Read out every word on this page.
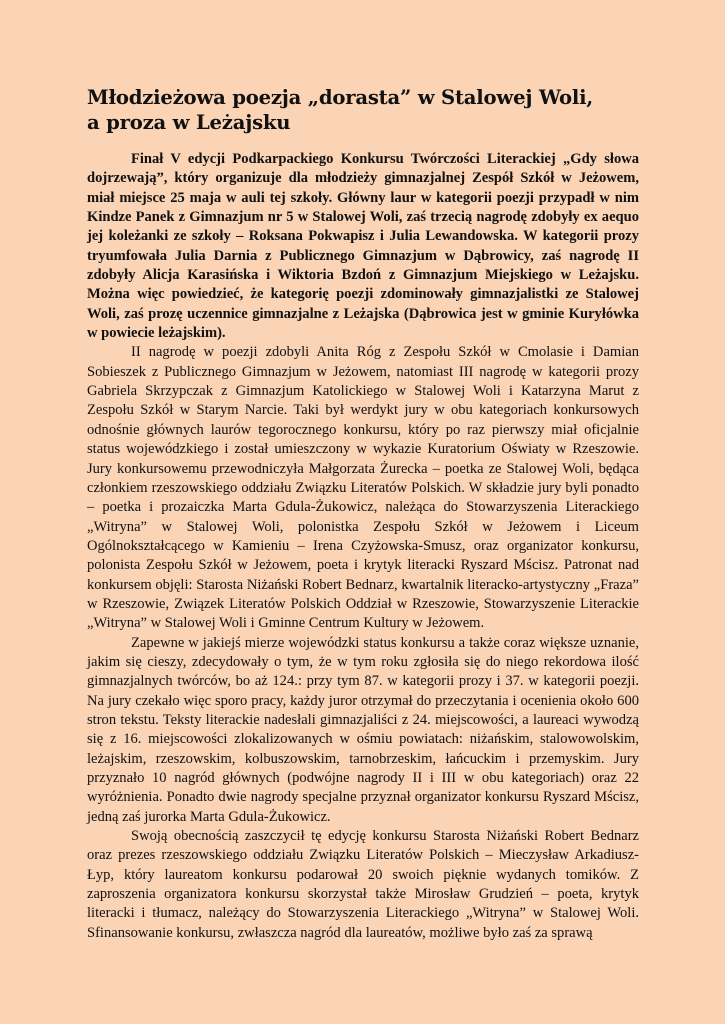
Młodzieżowa poezja „dorasta” w Stalowej Woli,
a proza w Leżajsku

Finał V edycji Podkarpackiego Konkursu Twórczości Literackiej „Gdy słowa dojrzewają”, który organizuje dla młodzieży gimnazjalnej Zespół Szkół w Jeżowem, miał miejsce 25 maja w auli tej szkoły. Główny laur w kategorii poezji przypadł w nim Kindze Panek z Gimnazjum nr 5 w Stalowej Woli, zaś trzecią nagrodę zdobyły ex aequo jej koleżanki ze szkoły – Roksana Pokwapisz i Julia Lewandowska. W kategorii prozy tryumfowała Julia Darnia z Publicznego Gimnazjum w Dąbrowicy, zaś nagrodę II zdobyły Alicja Karasińska i Wiktoria Bzdoń z Gimnazjum Miejskiego w Leżajsku. Można więc powiedzieć, że kategorię poezji zdominowały gimnazjalistki ze Stalowej Woli, zaś prozę uczennice gimnazjalne z Leżajska (Dąbrowica jest w gminie Kuryłówka w powiecie leżajskim).

II nagrodę w poezji zdobyli Anita Róg z Zespołu Szkół w Cmolasie i Damian Sobieszek z Publicznego Gimnazjum w Jeżowem, natomiast III nagrodę w kategorii prozy Gabriela Skrzypczak z Gimnazjum Katolickiego w Stalowej Woli i Katarzyna Marut z Zespołu Szkół w Starym Narcie. Taki był werdykt jury w obu kategoriach konkursowych odnośnie głównych laurów tegorocznego konkursu, który po raz pierwszy miał oficjalnie status wojewódzkiego i został umieszczony w wykazie Kuratorium Oświaty w Rzeszowie. Jury konkursowemu przewodniczyła Małgorzata Żurecka – poetka ze Stalowej Woli, będąca członkiem rzeszowskiego oddziału Związku Literatów Polskich. W składzie jury byli ponadto – poetka i prozaiczka Marta Gdula-Żukowicz, należąca do Stowarzyszenia Literackiego „Witryna” w Stalowej Woli, polonistka Zespołu Szkół w Jeżowem i Liceum Ogólnokształcącego w Kamieniu – Irena Czyżowska-Smusz, oraz organizator konkursu, polonista Zespołu Szkół w Jeżowem, poeta i krytyk literacki Ryszard Mścisz. Patronat nad konkursem objęli: Starosta Niżański Robert Bednarz, kwartalnik literacko-artystyczny „Fraza” w Rzeszowie, Związek Literatów Polskich Oddział w Rzeszowie, Stowarzyszenie Literackie „Witryna” w Stalowej Woli i Gminne Centrum Kultury w Jeżowem.

Zapewne w jakiejś mierze wojewódzki status konkursu a także coraz większe uznanie, jakim się cieszy, zdecydowały o tym, że w tym roku zgłosiła się do niego rekordowa ilość gimnazjalnych twórców, bo aż 124.: przy tym 87. w kategorii prozy i 37. w kategorii poezji. Na jury czekało więc sporo pracy, każdy juror otrzymał do przeczytania i ocenienia około 600 stron tekstu. Teksty literackie nadesłali gimnazjaliści z 24. miejscowości, a laureaci wywodzą się z 16. miejscowości zlokalizowanych w ośmiu powiatach: niżańskim, stalowowolskim, leżajskim, rzeszowskim, kolbuszowskim, tarnobrzeskim, łańcuckim i przemyskim. Jury przyznało 10 nagród głównych (podwójne nagrody II i III w obu kategoriach) oraz 22 wyróżnienia. Ponadto dwie nagrody specjalne przyznał organizator konkursu Ryszard Mścisz, jedną zaś jurorka Marta Gdula-Żukowicz.

Swoją obecnością zaszczycił tę edycję konkursu Starosta Niżański Robert Bednarz oraz prezes rzeszowskiego oddziału Związku Literatów Polskich – Mieczysław Arkadiusz-Łyp, który laureatom konkursu podarował 20 swoich pięknie wydanych tomików. Z zaproszenia organizatora konkursu skorzystał także Mirosław Grudzień – poeta, krytyk literacki i tłumacz, należący do Stowarzyszenia Literackiego „Witryna” w Stalowej Woli. Sfinansowanie konkursu, zwłaszcza nagród dla laureatów, możliwe było zaś za sprawą
